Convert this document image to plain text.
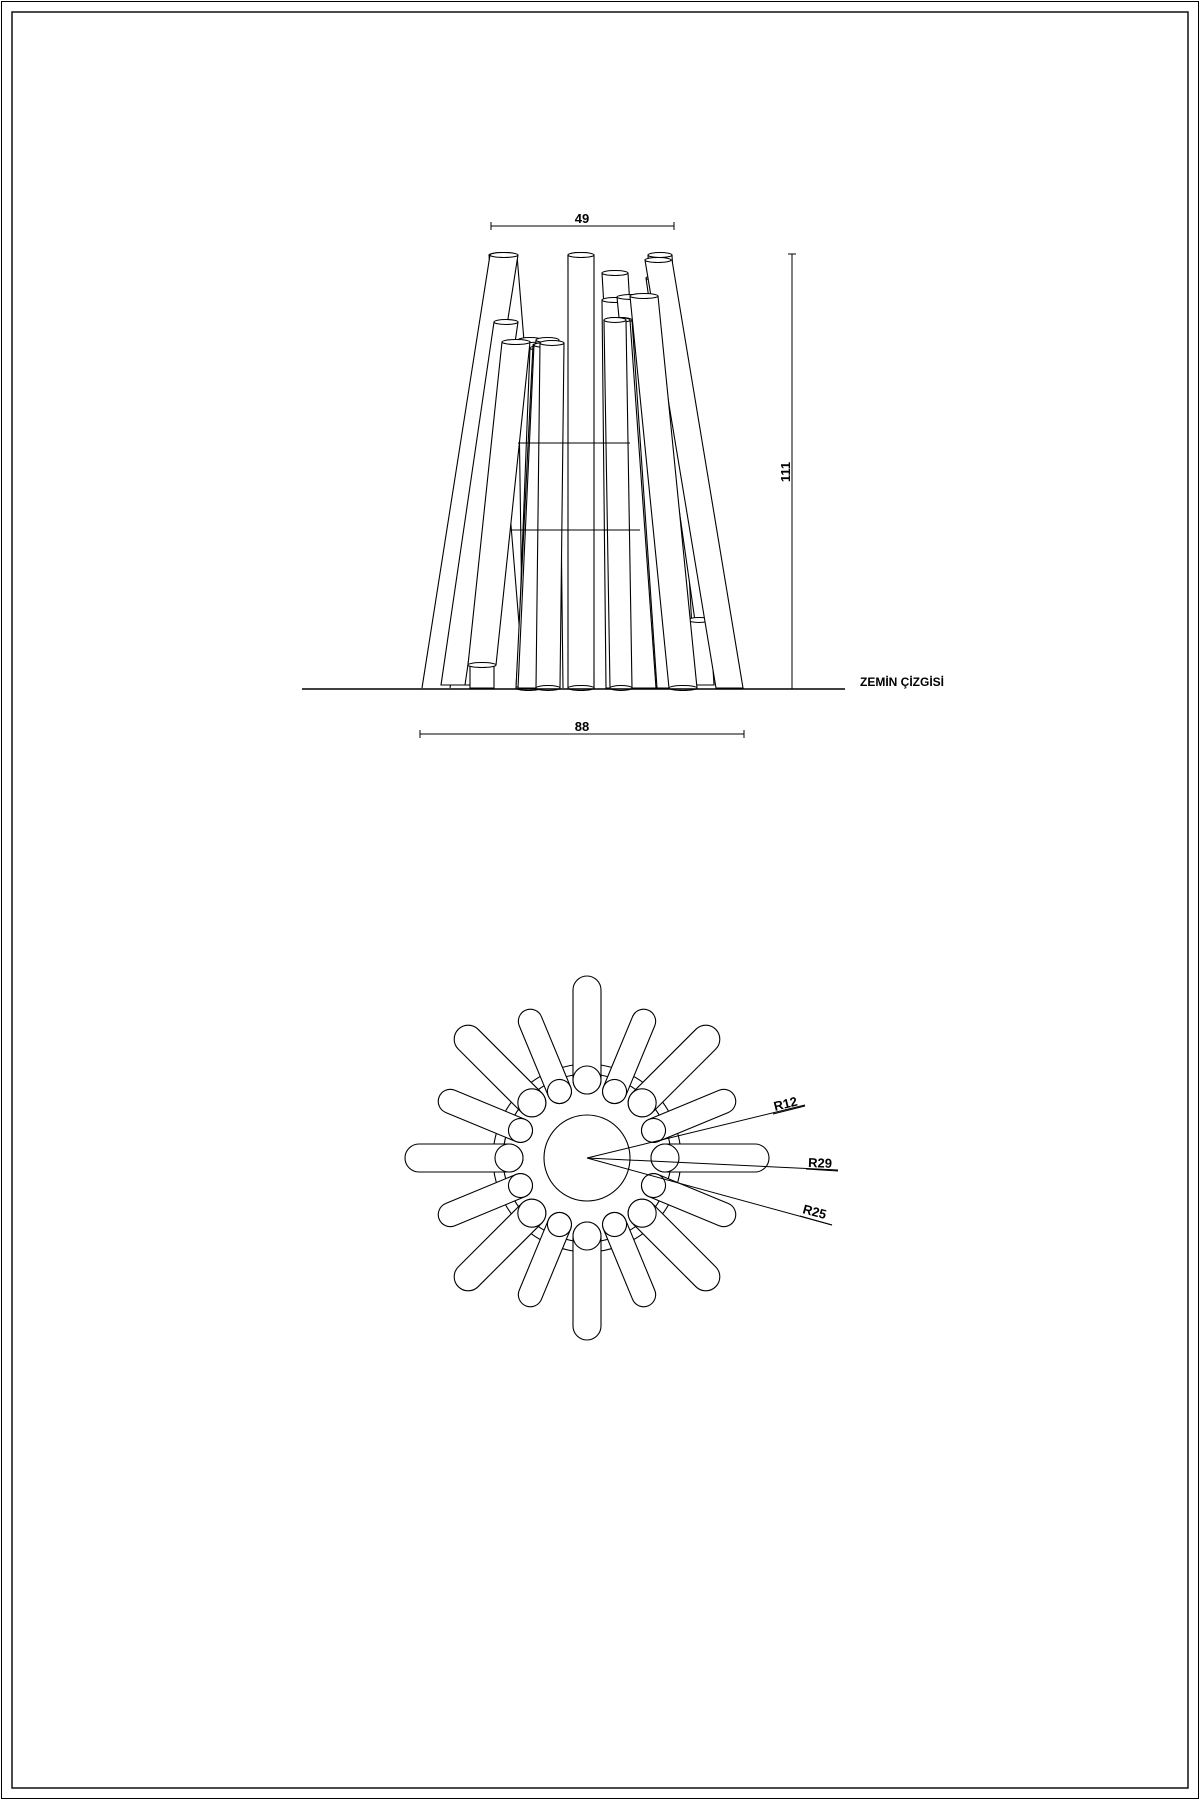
ZEMİN ÇİZGİSİ
49
88
111
R12
R29
R25
